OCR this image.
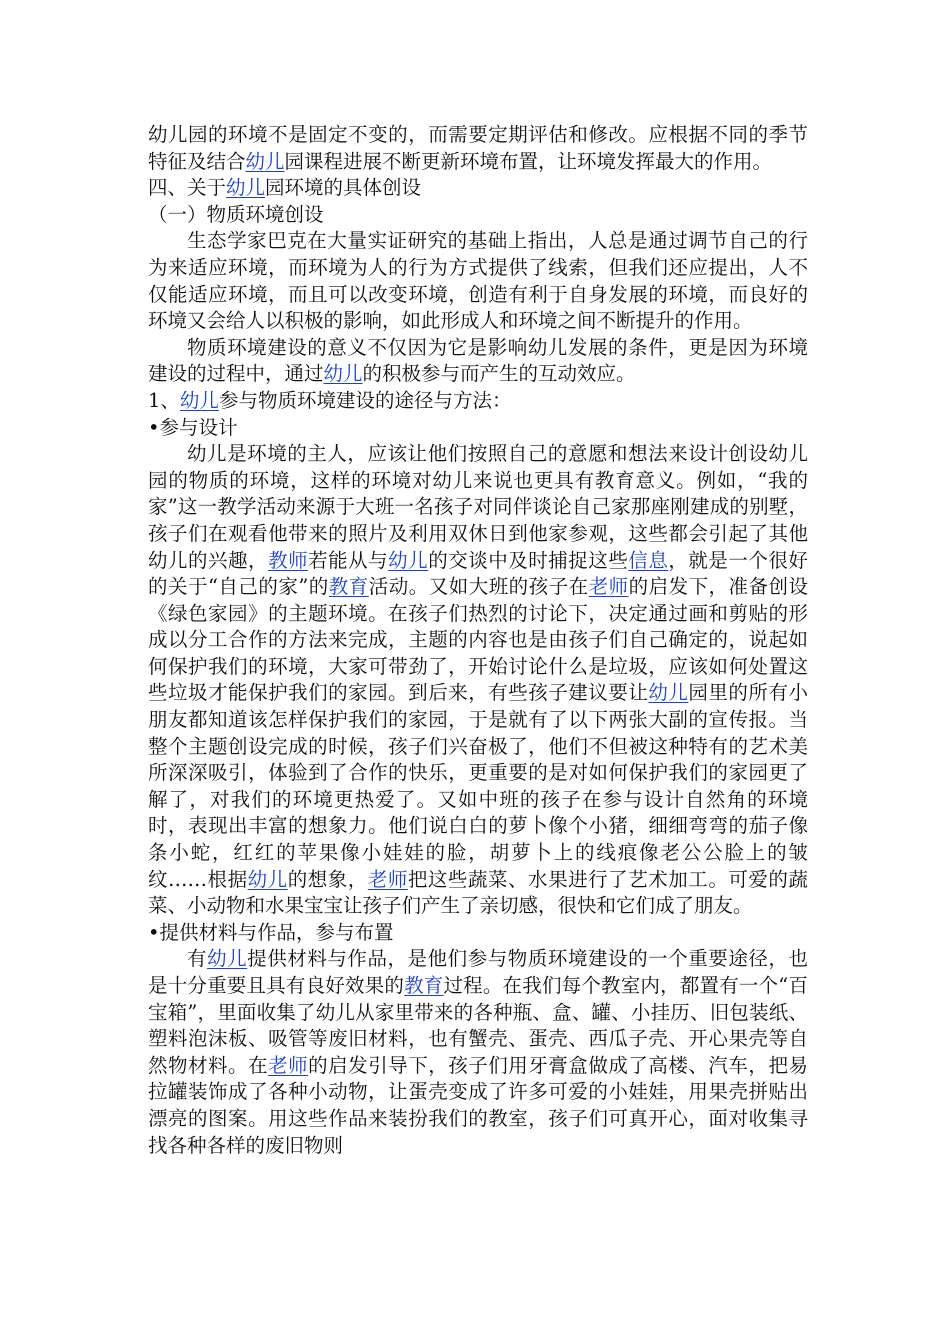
幼儿园的环境不是固定不变的，而需要定期评估和修改。应根据不同的季节特征及结合幼儿园课程进展不断更新环境布置，让环境发挥最大的作用。

四、关于幼儿园环境的具体创设

（一）物质环境创设

生态学家巴克在大量实证研究的基础上指出，人总是通过调节自己的行为来适应环境，而环境为人的行为方式提供了线索，但我们还应提出，人不仅能适应环境，而且可以改变环境，创造有利于自身发展的环境，而良好的环境又会给人以积极的影响，如此形成人和环境之间不断提升的作用。

物质环境建设的意义不仅因为它是影响幼儿发展的条件，更是因为环境建设的过程中，通过幼儿的积极参与而产生的互动效应。

1、幼儿参与物质环境建设的途径与方法：

•参与设计

幼儿是环境的主人，应该让他们按照自己的意愿和想法来设计创设幼儿园的物质的环境，这样的环境对幼儿来说也更具有教育意义。例如，“我的家”这一教学活动来源于大班一名孩子对同伴谈论自己家那座刚建成的别墅，孩子们在观看他带来的照片及利用双休日到他家参观，这些都会引起了其他幼儿的兴趣，教师若能从与幼儿的交谈中及时捕捉这些信息，就是一个很好的关于“自己的家”的教育活动。又如大班的孩子在老师的启发下，准备创设《绿色家园》的主题环境。在孩子们热烈的讨论下，决定通过画和剪贴的形成以分工合作的方法来完成，主题的内容也是由孩子们自己确定的，说起如何保护我们的环境，大家可带劲了，开始讨论什么是垃圾，应该如何处置这些垃圾才能保护我们的家园。到后来，有些孩子建议要让幼儿园里的所有小朋友都知道该怎样保护我们的家园，于是就有了以下两张大副的宣传报。当整个主题创设完成的时候，孩子们兴奋极了，他们不但被这种特有的艺术美所深深吸引，体验到了合作的快乐，更重要的是对如何保护我们的家园更了解了，对我们的环境更热爱了。又如中班的孩子在参与设计自然角的环境时，表现出丰富的想象力。他们说白白的萝卜像个小猪，细细弯弯的茄子像条小蛇，红红的苹果像小娃娃的脸，胡萝卜上的线痕像老公公脸上的皱纹……根据幼儿的想象，老师把这些蔬菜、水果进行了艺术加工。可爱的蔬菜、小动物和水果宝宝让孩子们产生了亲切感，很快和它们成了朋友。

•提供材料与作品，参与布置

有幼儿提供材料与作品，是他们参与物质环境建设的一个重要途径，也是十分重要且具有良好效果的教育过程。在我们每个教室内，都置有一个“百宝箱”，里面收集了幼儿从家里带来的各种瓶、盒、罐、小挂历、旧包装纸、塑料泡沫板、吸管等废旧材料，也有蟹壳、蛋壳、西瓜子壳、开心果壳等自然物材料。在老师的启发引导下，孩子们用牙膏盒做成了高楼、汽车，把易拉罐装饰成了各种小动物，让蛋壳变成了许多可爱的小娃娃，用果壳拼贴出漂亮的图案。用这些作品来装扮我们的教室，孩子们可真开心，面对收集寻找各种各样的废旧物则
